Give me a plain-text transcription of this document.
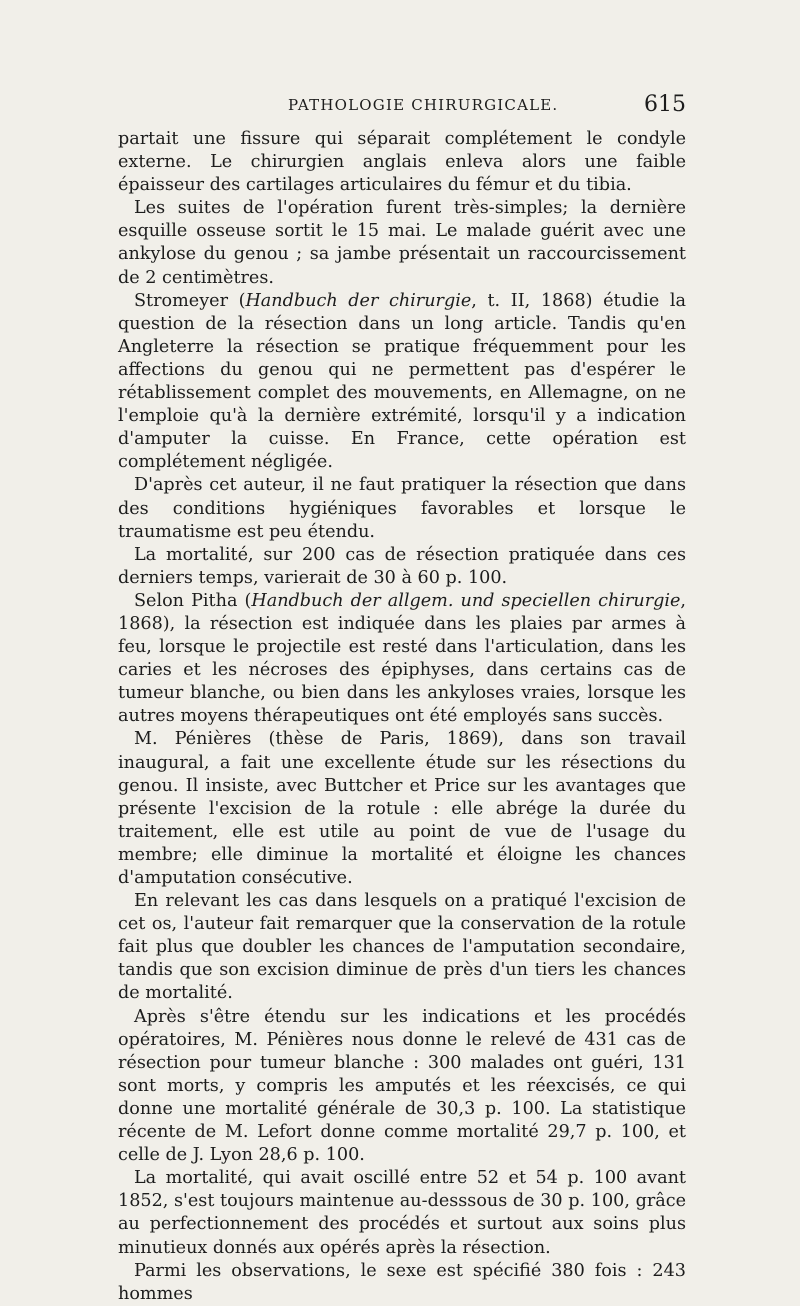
PATHOLOGIE CHIRURGICALE.	615

partait une fissure qui séparait complétement le condyle externe. Le chirurgien anglais enleva alors une faible épaisseur des cartilages articulaires du fémur et du tibia.

Les suites de l'opération furent très-simples; la dernière esquille osseuse sortit le 15 mai. Le malade guérit avec une ankylose du genou ; sa jambe présentait un raccourcissement de 2 centimètres.

Stromeyer (Handbuch der chirurgie, t. II, 1868) étudie la question de la résection dans un long article. Tandis qu'en Angleterre la résection se pratique fréquemment pour les affections du genou qui ne permettent pas d'espérer le rétablissement complet des mouvements, en Allemagne, on ne l'emploie qu'à la dernière extrémité, lorsqu'il y a indication d'amputer la cuisse. En France, cette opération est complétement négligée.

D'après cet auteur, il ne faut pratiquer la résection que dans des conditions hygiéniques favorables et lorsque le traumatisme est peu étendu.

La mortalité, sur 200 cas de résection pratiquée dans ces derniers temps, varierait de 30 à 60 p. 100.

Selon Pitha (Handbuch der allgem. und speciellen chirurgie, 1868), la résection est indiquée dans les plaies par armes à feu, lorsque le projectile est resté dans l'articulation, dans les caries et les nécroses des épiphyses, dans certains cas de tumeur blanche, ou bien dans les ankyloses vraies, lorsque les autres moyens thérapeutiques ont été employés sans succès.

M. Pénières (thèse de Paris, 1869), dans son travail inaugural, a fait une excellente étude sur les résections du genou. Il insiste, avec Buttcher et Price sur les avantages que présente l'excision de la rotule : elle abrége la durée du traitement, elle est utile au point de vue de l'usage du membre; elle diminue la mortalité et éloigne les chances d'amputation consécutive.

En relevant les cas dans lesquels on a pratiqué l'excision de cet os, l'auteur fait remarquer que la conservation de la rotule fait plus que doubler les chances de l'amputation secondaire, tandis que son excision diminue de près d'un tiers les chances de mortalité.

Après s'être étendu sur les indications et les procédés opératoires, M. Pénières nous donne le relevé de 431 cas de résection pour tumeur blanche : 300 malades ont guéri, 131 sont morts, y compris les amputés et les réexcisés, ce qui donne une mortalité générale de 30,3 p. 100. La statistique récente de M. Lefort donne comme mortalité 29,7 p. 100, et celle de J. Lyon 28,6 p. 100.

La mortalité, qui avait oscillé entre 52 et 54 p. 100 avant 1852, s'est toujours maintenue au-desssous de 30 p. 100, grâce au perfectionnement des procédés et surtout aux soins plus minutieux donnés aux opérés après la résection.

Parmi les observations, le sexe est spécifié 380 fois : 243 hommes
